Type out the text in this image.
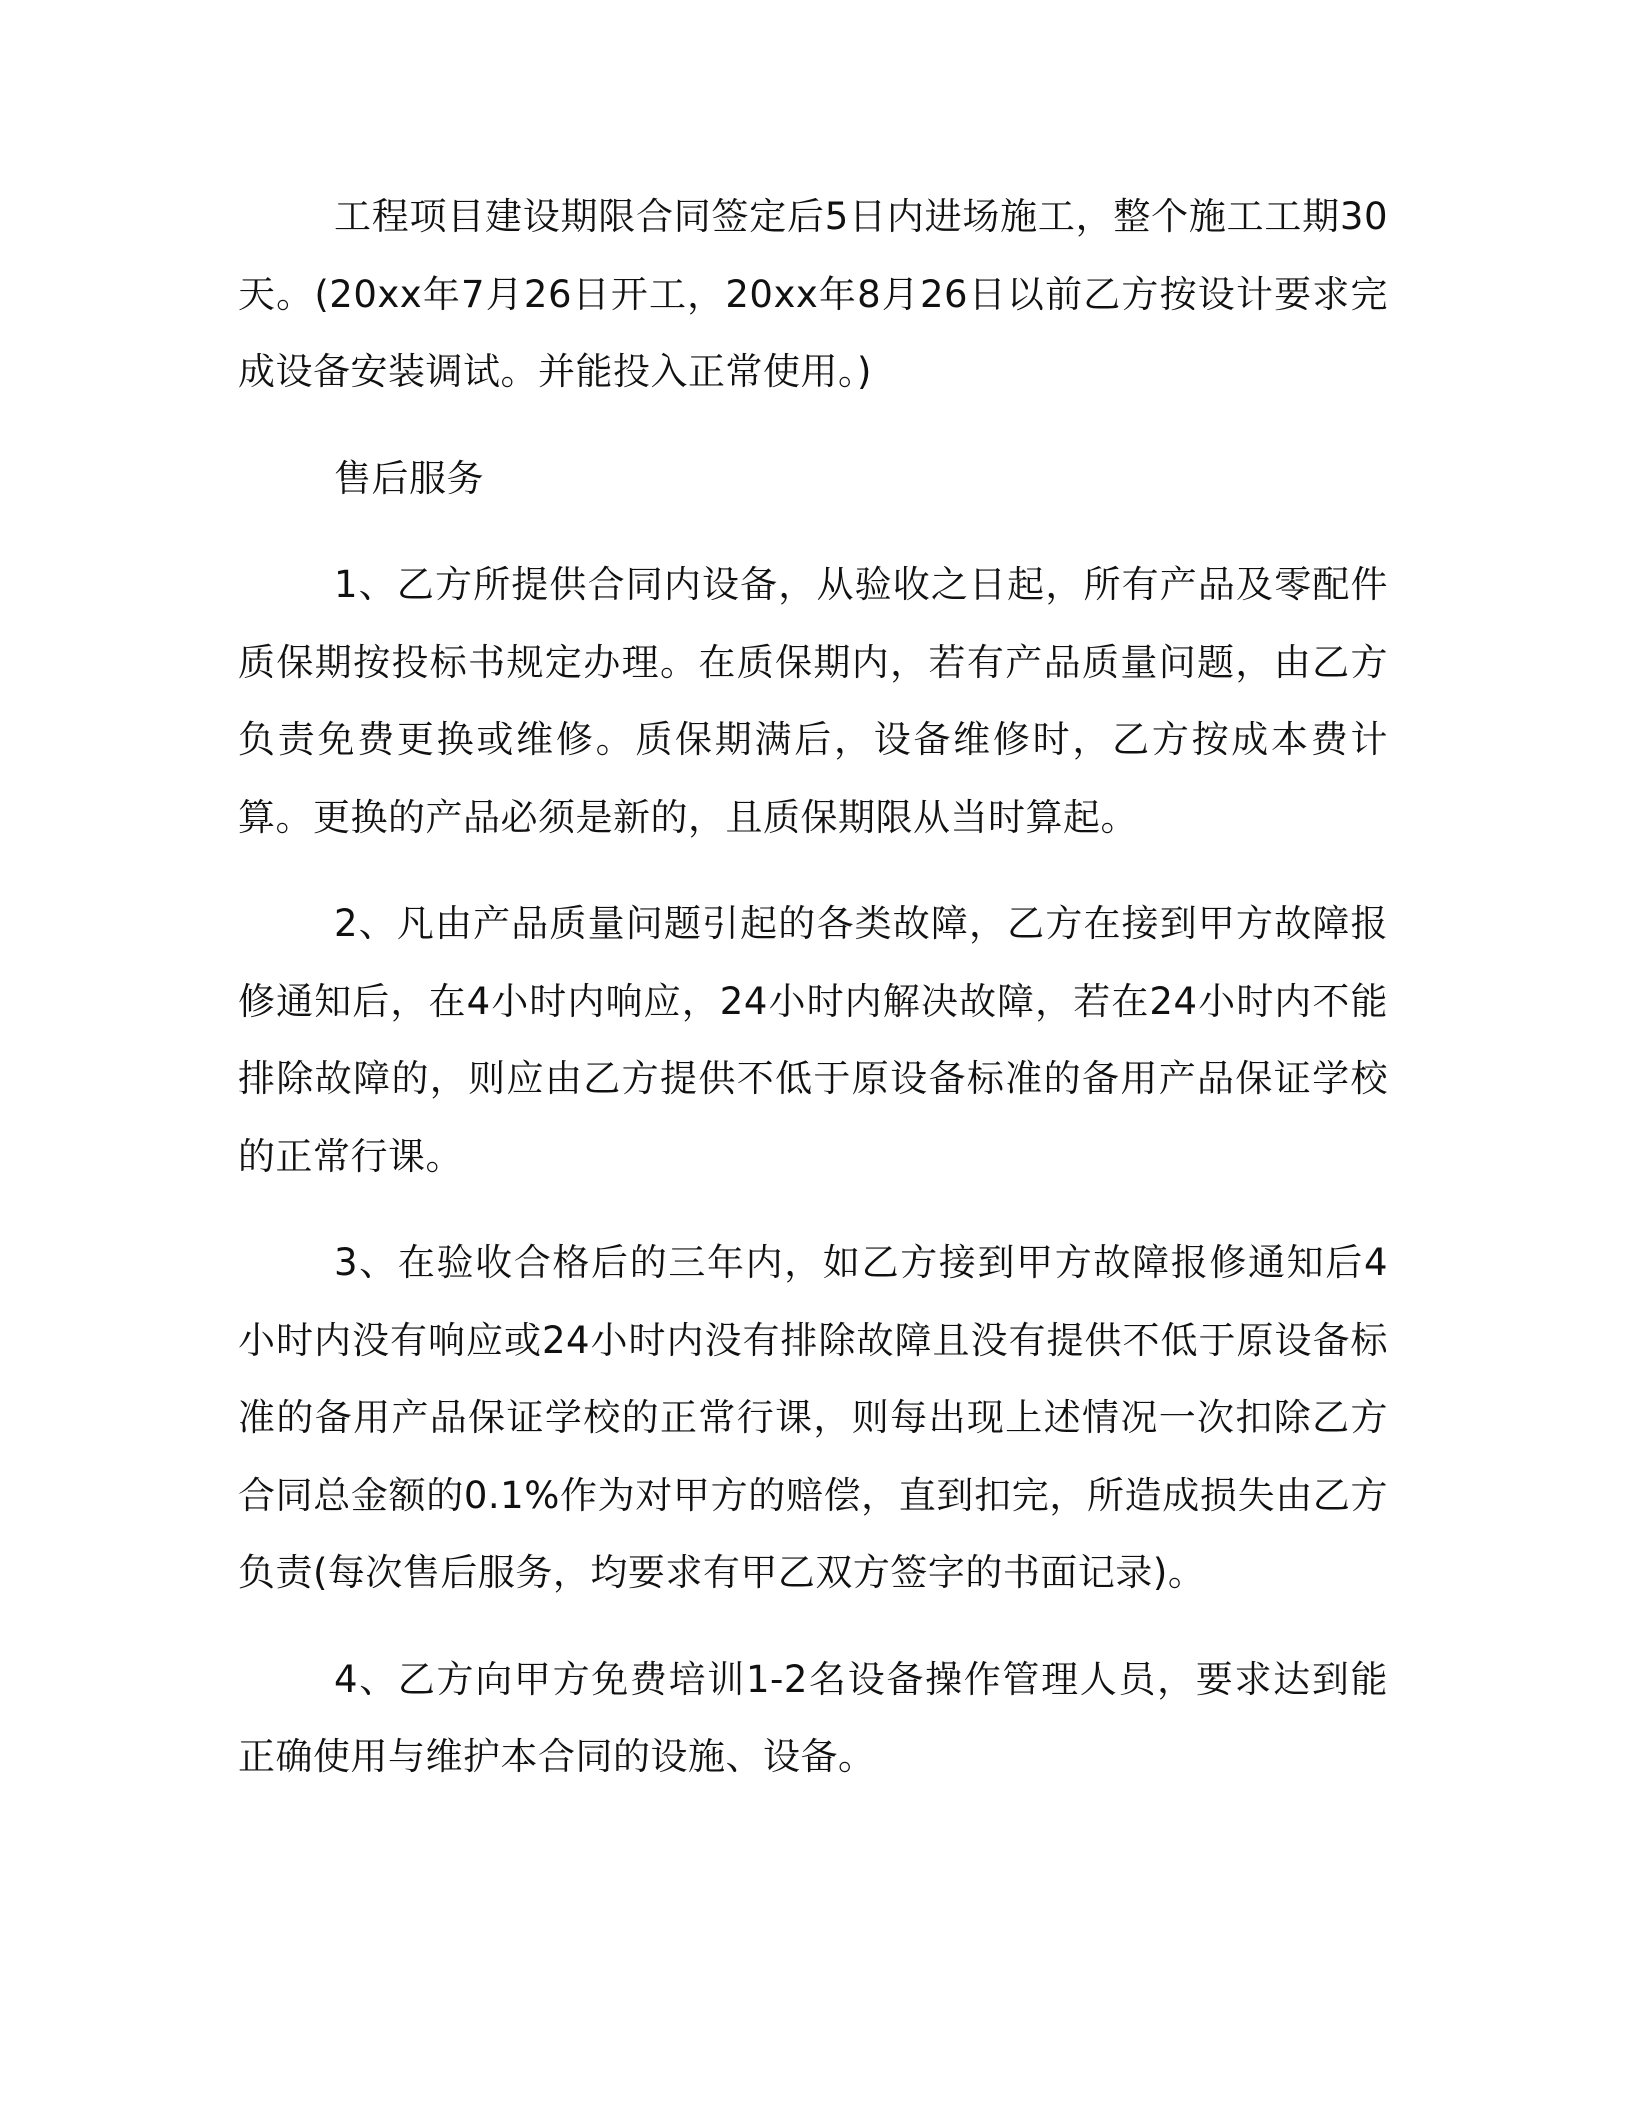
工程项目建设期限合同签定后5日内进场施工，整个施工工期30天。(20xx年7月26日开工，20xx年8月26日以前乙方按设计要求完成设备安装调试。并能投入正常使用。)

售后服务

1、乙方所提供合同内设备，从验收之日起，所有产品及零配件质保期按投标书规定办理。在质保期内，若有产品质量问题，由乙方负责免费更换或维修。质保期满后，设备维修时，乙方按成本费计算。更换的产品必须是新的，且质保期限从当时算起。

2、凡由产品质量问题引起的各类故障，乙方在接到甲方故障报修通知后，在4小时内响应，24小时内解决故障，若在24小时内不能排除故障的，则应由乙方提供不低于原设备标准的备用产品保证学校的正常行课。

3、在验收合格后的三年内，如乙方接到甲方故障报修通知后4小时内没有响应或24小时内没有排除故障且没有提供不低于原设备标准的备用产品保证学校的正常行课，则每出现上述情况一次扣除乙方合同总金额的0.1%作为对甲方的赔偿，直到扣完，所造成损失由乙方负责(每次售后服务，均要求有甲乙双方签字的书面记录)。

4、乙方向甲方免费培训1-2名设备操作管理人员，要求达到能正确使用与维护本合同的设施、设备。
